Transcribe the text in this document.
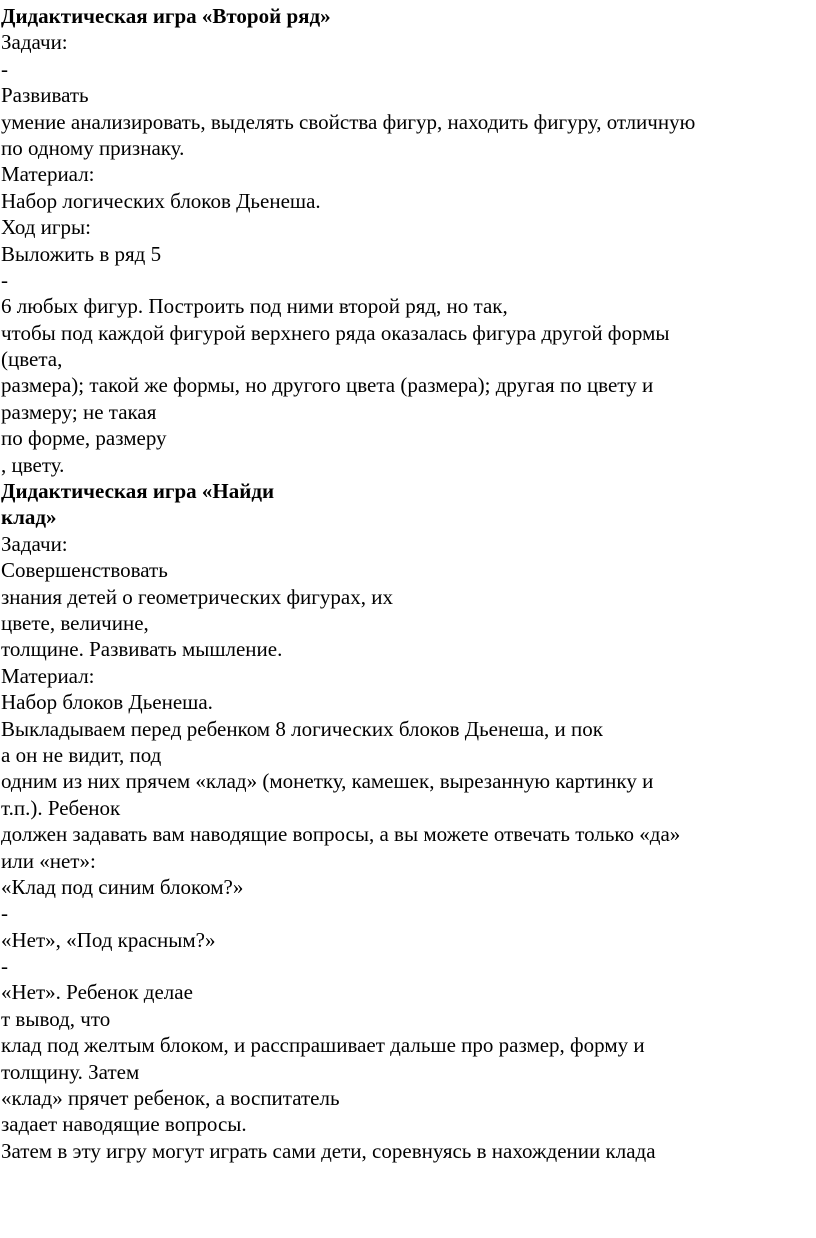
Дидактическая игра «Второй ряд»
Задачи:
-
Развивать
умение анализировать, выделять свойства фигур, находить фигуру, отличную
по одному признаку.
Материал:
Набор логических блоков Дьенеша.
Ход игры:
Выложить в ряд 5
-
6 любых фигур. Построить под ними второй ряд, но так,
чтобы под каждой фигурой верхнего ряда оказалась фигура другой формы
(цвета,
размера); такой же формы, но другого цвета (размера); другая по цвету и
размеру; не такая
по форме, размеру
, цвету.
Дидактическая игра «Найди
клад»
Задачи:
Совершенствовать
знания детей о геометрических фигурах, их
цвете, величине,
толщине. Развивать мышление.
Материал:
Набор блоков Дьенеша.
Выкладываем перед ребенком 8 логических блоков Дьенеша, и пок
а он не видит, под
одним из них прячем «клад» (монетку, камешек, вырезанную картинку и
т.п.). Ребенок
должен задавать вам наводящие вопросы, а вы можете отвечать только «да»
или «нет»:
«Клад под синим блоком?»
-
«Нет», «Под красным?»
-
«Нет». Ребенок делае
т вывод, что
клад под желтым блоком, и расспрашивает дальше про размер, форму и
толщину. Затем
«клад» прячет ребенок, а воспитатель
задает наводящие вопросы.
Затем в эту игру могут играть сами дети, соревнуясь в нахождении клада
